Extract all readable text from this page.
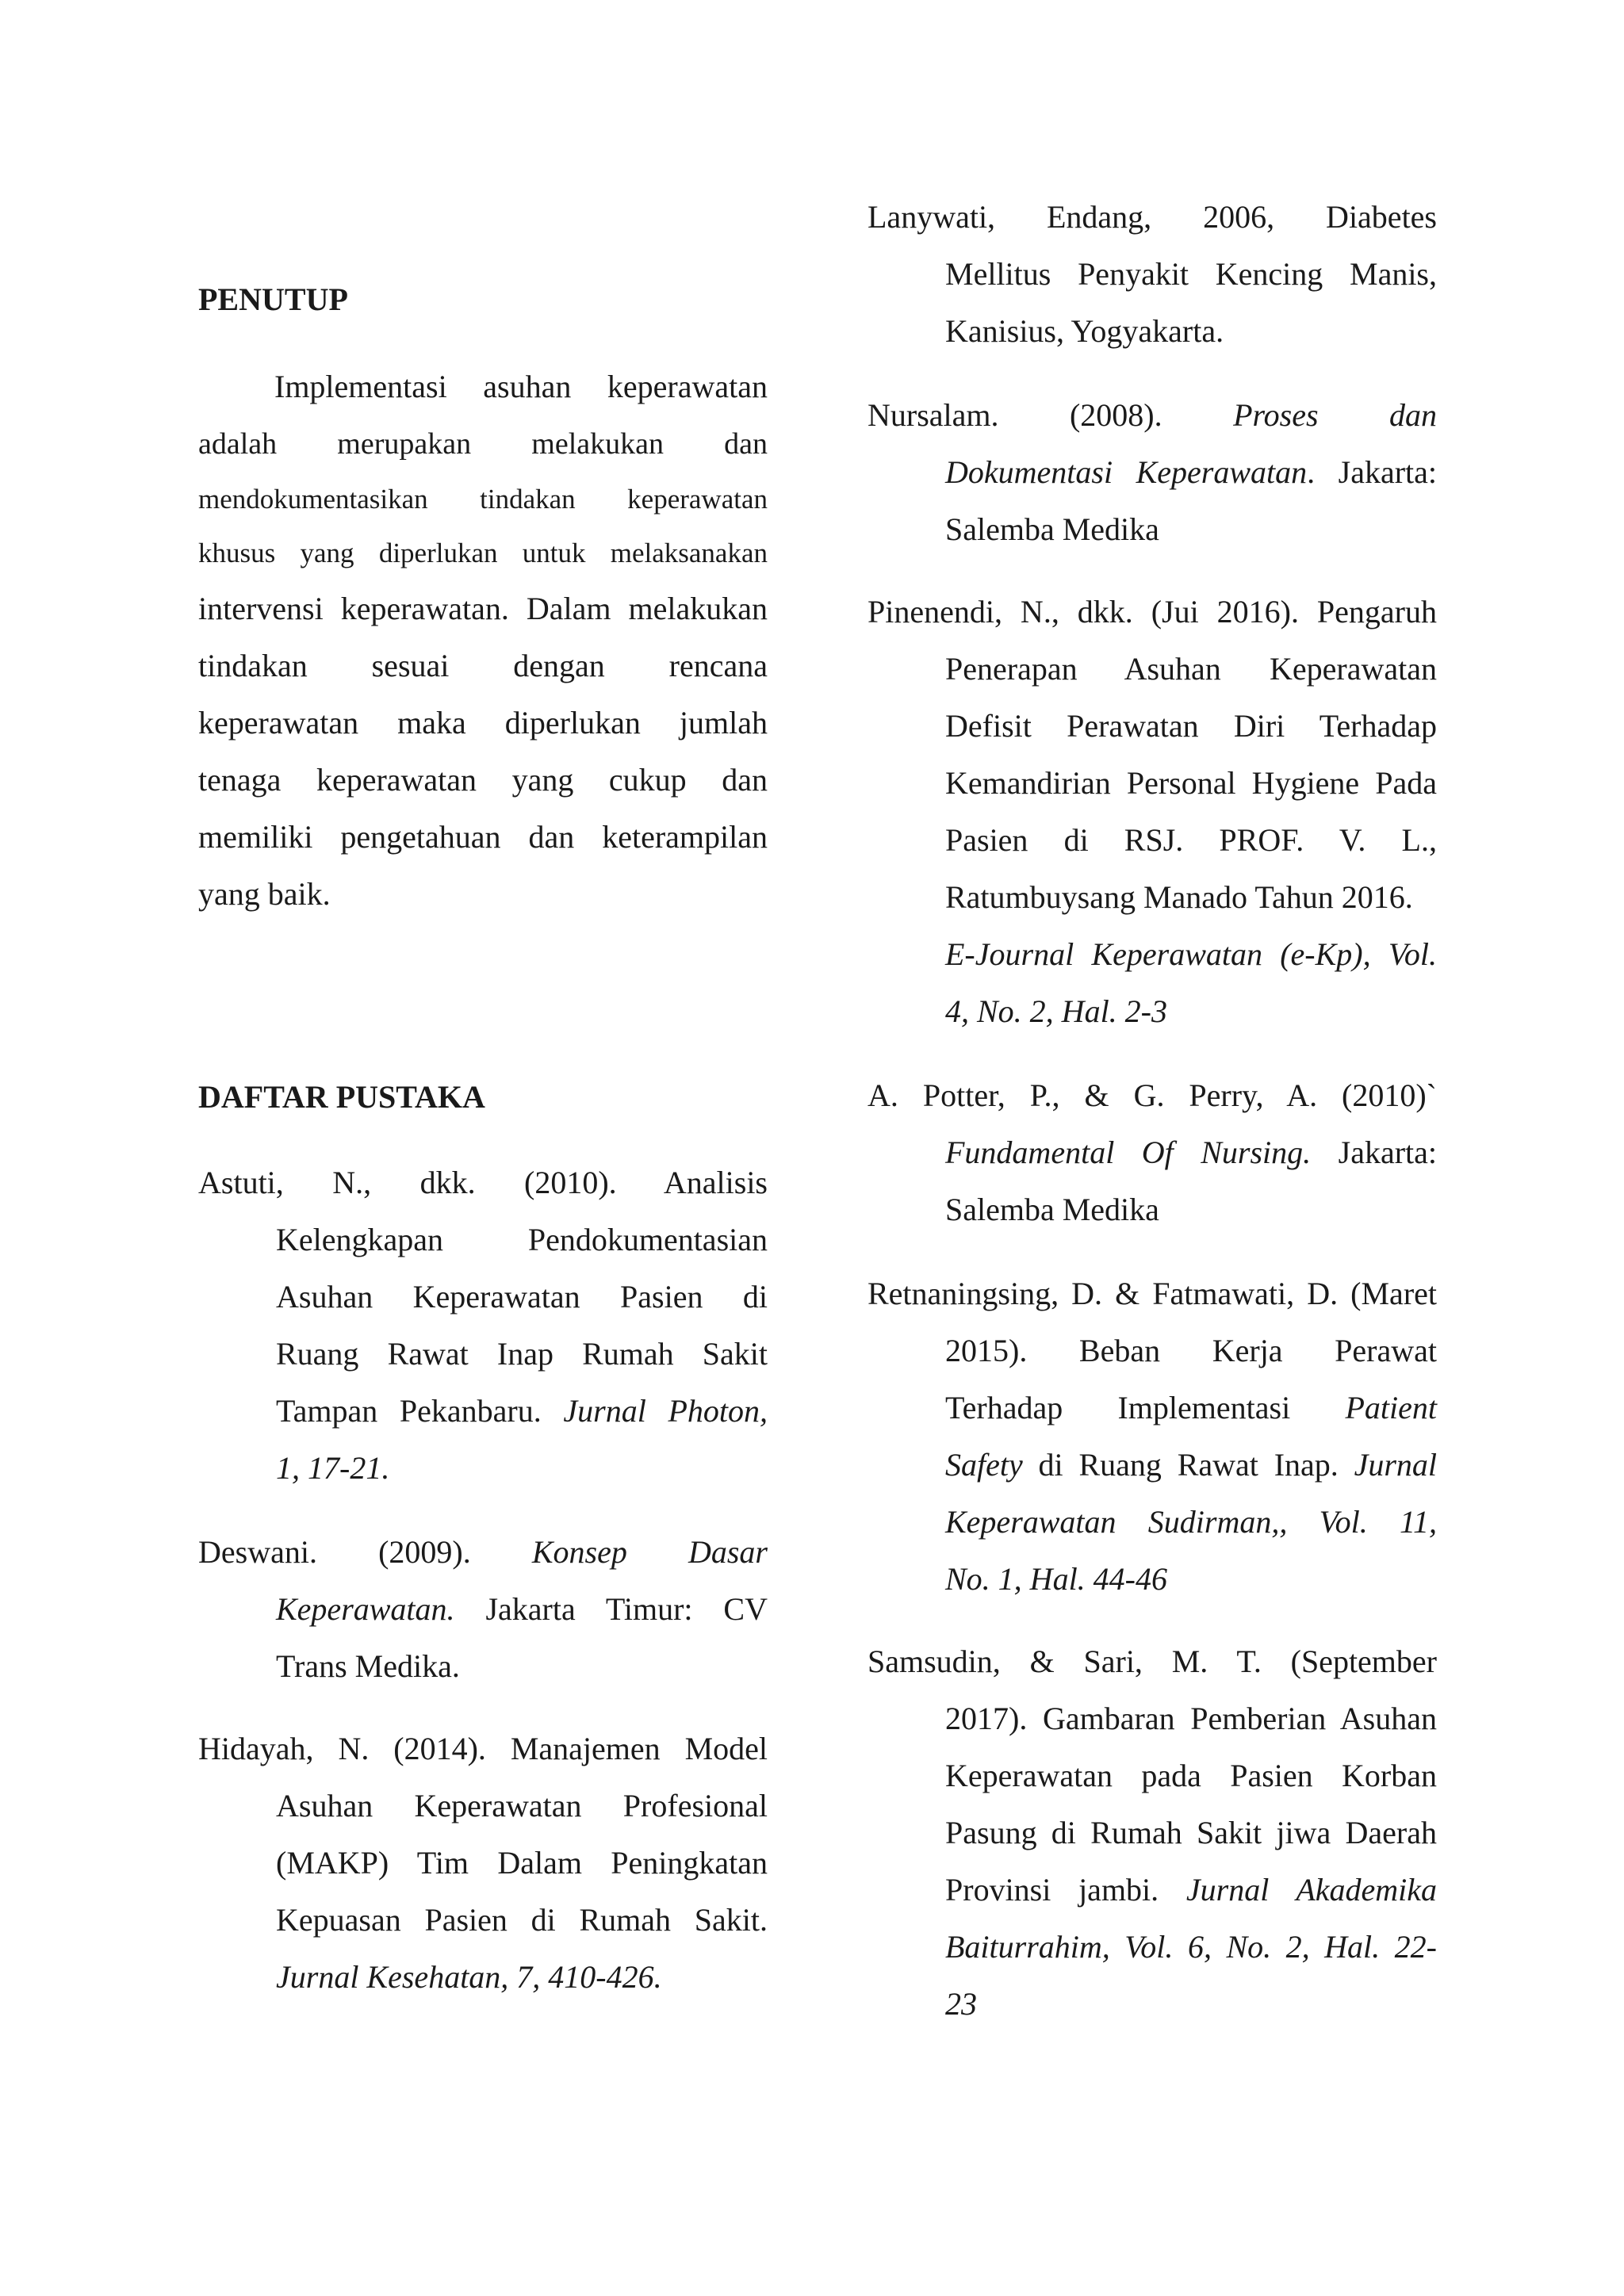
PENUTUP
Implementasi asuhan keperawatan
adalah merupakan melakukan dan
mendokumentasikan tindakan keperawatan
khusus yang diperlukan untuk melaksanakan
intervensi keperawatan. Dalam melakukan
tindakan sesuai dengan rencana
keperawatan maka diperlukan jumlah
tenaga keperawatan yang cukup dan
memiliki pengetahuan dan keterampilan
yang baik.
DAFTAR PUSTAKA
Astuti, N., dkk. (2010). Analisis
Kelengkapan Pendokumentasian
Asuhan Keperawatan Pasien di
Ruang Rawat Inap Rumah Sakit
Tampan Pekanbaru. Jurnal Photon,
1, 17-21.
Deswani. (2009). Konsep Dasar
Keperawatan. Jakarta Timur: CV
Trans Medika.
Hidayah, N. (2014). Manajemen Model
Asuhan Keperawatan Profesional
(MAKP) Tim Dalam Peningkatan
Kepuasan Pasien di Rumah Sakit.
Jurnal Kesehatan, 7, 410-426.
Lanywati, Endang, 2006, Diabetes
Mellitus Penyakit Kencing Manis,
Kanisius, Yogyakarta.
Nursalam. (2008). Proses dan
Dokumentasi Keperawatan. Jakarta:
Salemba Medika
Pinenendi, N., dkk. (Jui 2016). Pengaruh
Penerapan Asuhan Keperawatan
Defisit Perawatan Diri Terhadap
Kemandirian Personal Hygiene Pada
Pasien di RSJ. PROF. V. L.,
Ratumbuysang Manado Tahun 2016.
E-Journal Keperawatan (e-Kp), Vol.
4, No. 2, Hal. 2-3
A. Potter, P., & G. Perry, A. (2010)`
Fundamental Of Nursing. Jakarta:
Salemba Medika
Retnaningsing, D. & Fatmawati, D. (Maret
2015). Beban Kerja Perawat
Terhadap Implementasi Patient
Safety di Ruang Rawat Inap. Jurnal
Keperawatan Sudirman,, Vol. 11,
No. 1, Hal. 44-46
Samsudin, & Sari, M. T. (September
2017). Gambaran Pemberian Asuhan
Keperawatan pada Pasien Korban
Pasung di Rumah Sakit jiwa Daerah
Provinsi jambi. Jurnal Akademika
Baiturrahim, Vol. 6, No. 2, Hal. 22-
23
